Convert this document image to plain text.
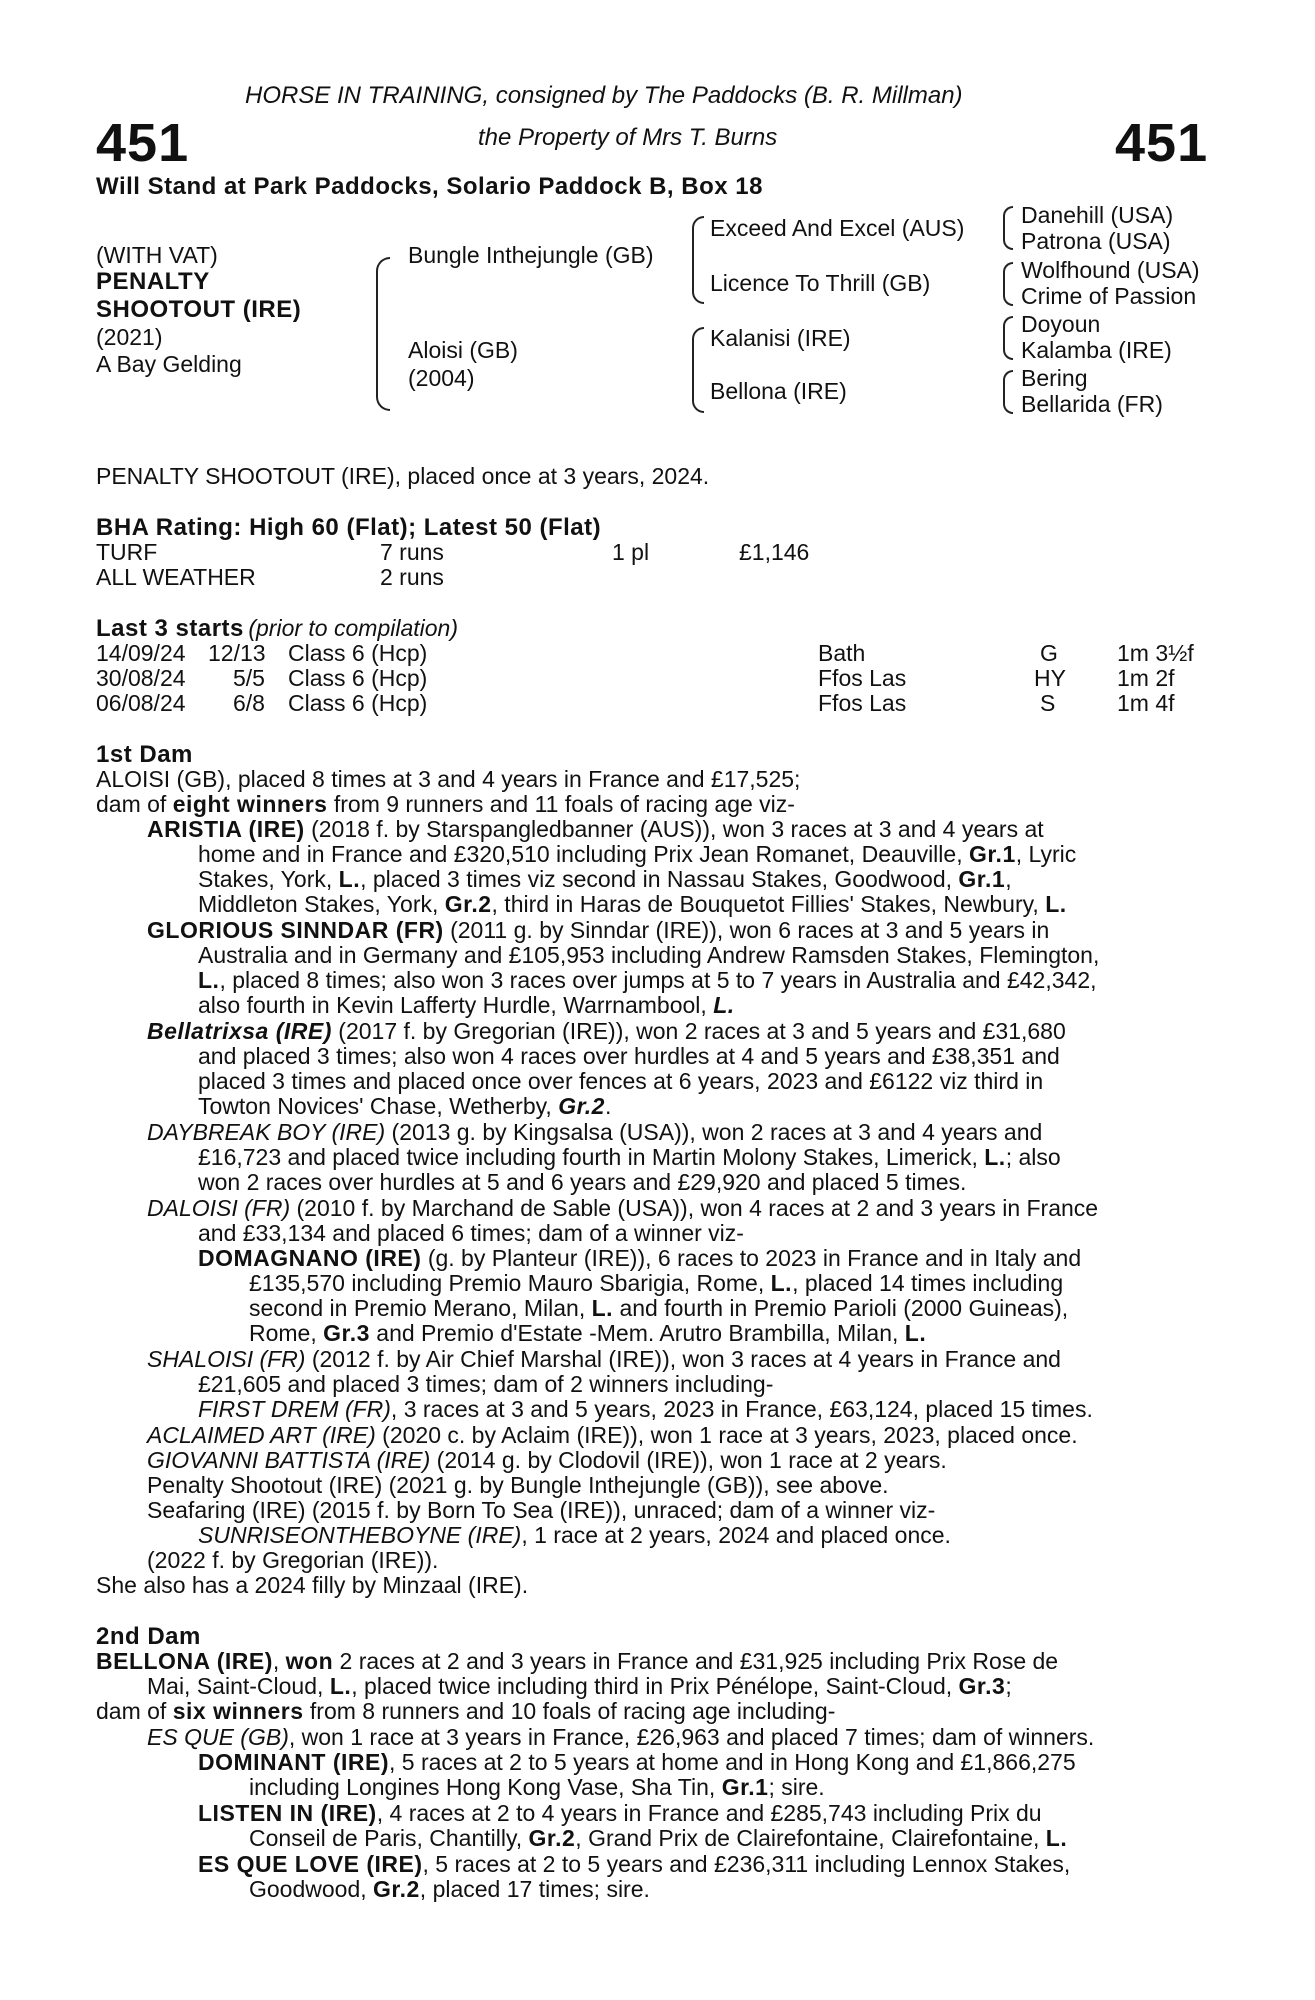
451	451
HORSE IN TRAINING, consigned by The Paddocks (B. R. Millman)
the Property of Mrs T. Burns
Will Stand at Park Paddocks, Solario Paddock B, Box 18
(WITH VAT)
PENALTY
SHOOTOUT (IRE)
(2021)
A Bay Gelding
Bungle Inthejungle (GB)
Aloisi (GB)
(2004)
Exceed And Excel (AUS)
Licence To Thrill (GB)
Kalanisi (IRE)
Bellona (IRE)
Danehill (USA)
Patrona (USA)
Wolfhound (USA)
Crime of Passion
Doyoun
Kalamba (IRE)
Bering
Bellarida (FR)
PENALTY SHOOTOUT (IRE), placed once at 3 years, 2024.
BHA Rating: High 60 (Flat); Latest 50 (Flat)
TURF	7 runs	1 pl	£1,146
ALL WEATHER	2 runs
Last 3 starts (prior to compilation)
14/09/24 12/13 Class 6 (Hcp)	Bath	G	1m 3½f
30/08/24 5/5 Class 6 (Hcp)	Ffos Las	HY 1m 2f
06/08/24 6/8 Class 6 (Hcp)	Ffos Las	S	1m 4f
1st Dam
ALOISI (GB), placed 8 times at 3 and 4 years in France and £17,525;
dam of eight winners from 9 runners and 11 foals of racing age viz-
ARISTIA (IRE) (2018 f. by Starspangledbanner (AUS)), won 3 races at 3 and 4 years at
home and in France and £320,510 including Prix Jean Romanet, Deauville, Gr.1, Lyric
Stakes, York, L., placed 3 times viz second in Nassau Stakes, Goodwood, Gr.1,
Middleton Stakes, York, Gr.2, third in Haras de Bouquetot Fillies' Stakes, Newbury, L.
GLORIOUS SINNDAR (FR) (2011 g. by Sinndar (IRE)), won 6 races at 3 and 5 years in
Australia and in Germany and £105,953 including Andrew Ramsden Stakes, Flemington,
L., placed 8 times; also won 3 races over jumps at 5 to 7 years in Australia and £42,342,
also fourth in Kevin Lafferty Hurdle, Warrnambool, L.
Bellatrixsa (IRE) (2017 f. by Gregorian (IRE)), won 2 races at 3 and 5 years and £31,680
and placed 3 times; also won 4 races over hurdles at 4 and 5 years and £38,351 and
placed 3 times and placed once over fences at 6 years, 2023 and £6122 viz third in
Towton Novices' Chase, Wetherby, Gr.2.
DAYBREAK BOY (IRE) (2013 g. by Kingsalsa (USA)), won 2 races at 3 and 4 years and
£16,723 and placed twice including fourth in Martin Molony Stakes, Limerick, L.; also
won 2 races over hurdles at 5 and 6 years and £29,920 and placed 5 times.
DALOISI (FR) (2010 f. by Marchand de Sable (USA)), won 4 races at 2 and 3 years in France
and £33,134 and placed 6 times; dam of a winner viz-
DOMAGNANO (IRE) (g. by Planteur (IRE)), 6 races to 2023 in France and in Italy and
£135,570 including Premio Mauro Sbarigia, Rome, L., placed 14 times including
second in Premio Merano, Milan, L. and fourth in Premio Parioli (2000 Guineas),
Rome, Gr.3 and Premio d'Estate -Mem. Arutro Brambilla, Milan, L.
SHALOISI (FR) (2012 f. by Air Chief Marshal (IRE)), won 3 races at 4 years in France and
£21,605 and placed 3 times; dam of 2 winners including-
FIRST DREM (FR), 3 races at 3 and 5 years, 2023 in France, £63,124, placed 15 times.
ACLAIMED ART (IRE) (2020 c. by Aclaim (IRE)), won 1 race at 3 years, 2023, placed once.
GIOVANNI BATTISTA (IRE) (2014 g. by Clodovil (IRE)), won 1 race at 2 years.
Penalty Shootout (IRE) (2021 g. by Bungle Inthejungle (GB)), see above.
Seafaring (IRE) (2015 f. by Born To Sea (IRE)), unraced; dam of a winner viz-
SUNRISEONTHEBOYNE (IRE), 1 race at 2 years, 2024 and placed once.
(2022 f. by Gregorian (IRE)).
She also has a 2024 filly by Minzaal (IRE).
2nd Dam
BELLONA (IRE), won 2 races at 2 and 3 years in France and £31,925 including Prix Rose de
Mai, Saint-Cloud, L., placed twice including third in Prix Pénélope, Saint-Cloud, Gr.3;
dam of six winners from 8 runners and 10 foals of racing age including-
ES QUE (GB), won 1 race at 3 years in France, £26,963 and placed 7 times; dam of winners.
DOMINANT (IRE), 5 races at 2 to 5 years at home and in Hong Kong and £1,866,275
including Longines Hong Kong Vase, Sha Tin, Gr.1; sire.
LISTEN IN (IRE), 4 races at 2 to 4 years in France and £285,743 including Prix du
Conseil de Paris, Chantilly, Gr.2, Grand Prix de Clairefontaine, Clairefontaine, L.
ES QUE LOVE (IRE), 5 races at 2 to 5 years and £236,311 including Lennox Stakes,
Goodwood, Gr.2, placed 17 times; sire.
